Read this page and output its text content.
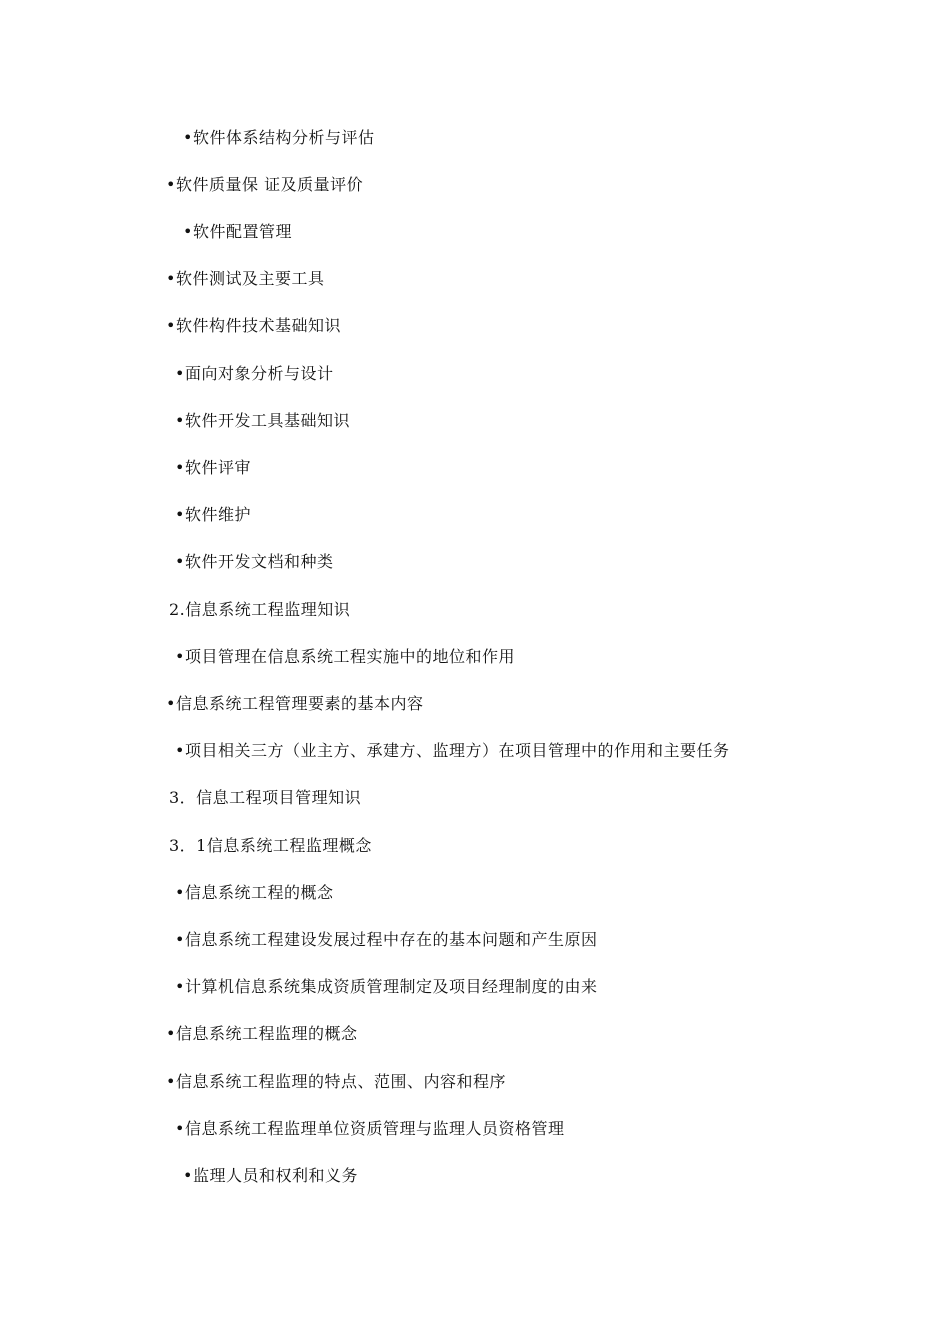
•软件体系结构分析与评估
•软件质量保 证及质量评价
•软件配置管理
•软件测试及主要工具
•软件构件技术基础知识
•面向对象分析与设计
•软件开发工具基础知识
•软件评审
•软件维护
•软件开发文档和种类
2.信息系统工程监理知识
•项目管理在信息系统工程实施中的地位和作用
•信息系统工程管理要素的基本内容
•项目相关三方（业主方、承建方、监理方）在项目管理中的作用和主要任务
3．信息工程项目管理知识
3．1信息系统工程监理概念
•信息系统工程的概念
•信息系统工程建设发展过程中存在的基本问题和产生原因
•计算机信息系统集成资质管理制定及项目经理制度的由来
•信息系统工程监理的概念
•信息系统工程监理的特点、范围、内容和程序
•信息系统工程监理单位资质管理与监理人员资格管理
•监理人员和权利和义务
